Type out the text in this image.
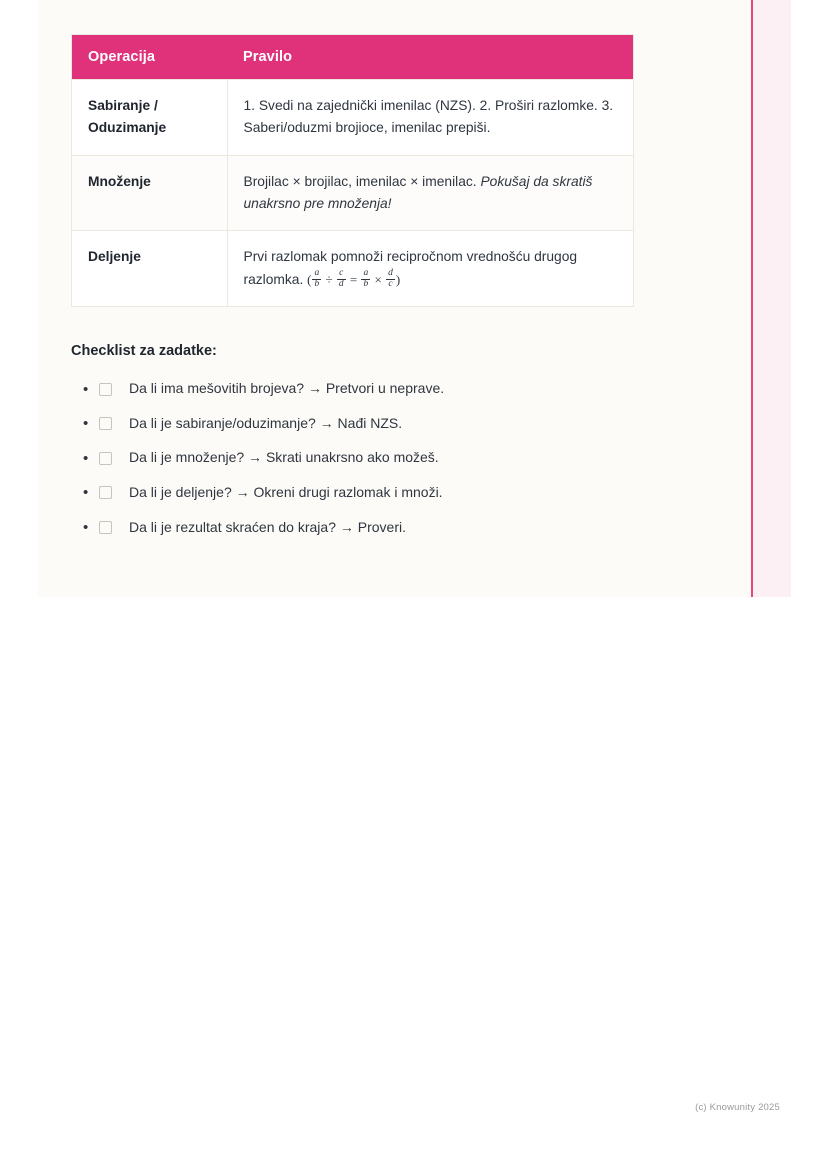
Operacija	Pravilo
Sabiranje / Oduzimanje	1. Svedi na zajednički imenilac (NZS). 2. Proširi razlomke. 3. Saberi/oduzmi brojioce, imenilac prepiši.
Množenje	Brojilac × brojilac, imenilac × imenilac. Pokušaj da skratiš unakrsno pre množenja!
Deljenje	Prvi razlomak pomnoži recipročnom vrednošću drugog razlomka. ( $\frac{a}{b} \div \frac{c}{d} = \frac{a}{b} \times \frac{d}{c}$ )

Checklist za zadatke:

•	Da li ima mešovitih brojeva? → Pretvori u neprave.
•	Da li je sabiranje/oduzimanje? → Nađi NZS.
•	Da li je množenje? → Skrati unakrsno ako možeš.
•	Da li je deljenje? → Okreni drugi razlomak i množi.
•	Da li je rezultat skraćen do kraja? → Proveri.
(c) Knowunity 2025
